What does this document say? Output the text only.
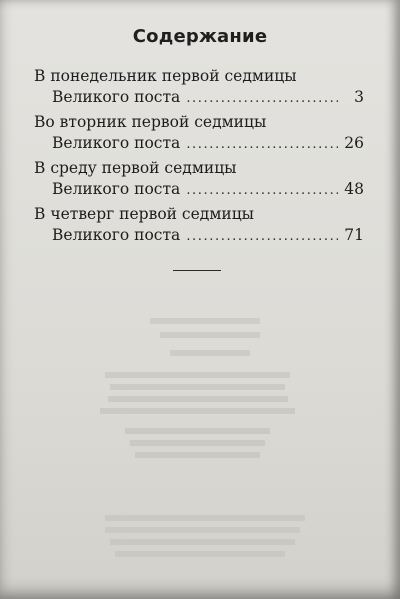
Содержание
В понедельник первой седмицы
Великого поста .....	3
Во вторник первой седмицы
Великого поста .....	26
В среду первой седмицы
Великого поста .....	48
В четверг первой седмицы
Великого поста .....	71
